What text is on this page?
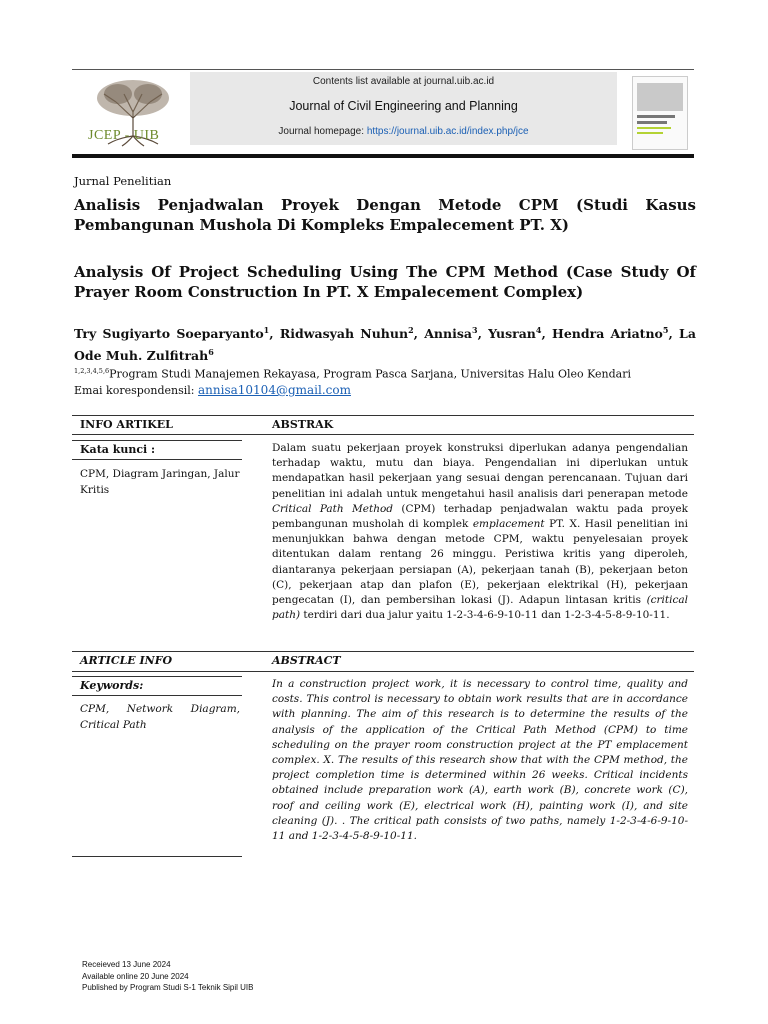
JCEP - UIB
Contents list available at journal.uib.ac.id
Journal of Civil Engineering and Planning
Journal homepage: https://journal.uib.ac.id/index.php/jce
Jurnal Penelitian
Analisis Penjadwalan Proyek Dengan Metode CPM (Studi Kasus Pembangunan Mushola Di Kompleks Empalecement PT. X)
Analysis Of Project Scheduling Using The CPM Method (Case Study Of Prayer Room Construction In PT. X Empalecement Complex)
Try Sugiyarto Soeparyanto$^1$, Ridwasyah Nuhun$^2$, Annisa$^3$, Yusran$^4$, Hendra Ariatno$^5$, La Ode Muh. Zulfitrah$^6$
$^{1,2,3,4,5,6}$Program Studi Manajemen Rekayasa, Program Pasca Sarjana, Universitas Halu Oleo Kendari
Emai korespondensil: annisa10104@gmail.com
INFO ARTIKEL	ABSTRAK
Kata kunci :
CPM, Diagram Jaringan, Jalur Kritis
Dalam suatu pekerjaan proyek konstruksi diperlukan adanya pengendalian terhadap waktu, mutu dan biaya. Pengendalian ini diperlukan untuk mendapatkan hasil pekerjaan yang sesuai dengan perencanaan. Tujuan dari penelitian ini adalah untuk mengetahui hasil analisis dari penerapan metode Critical Path Method (CPM) terhadap penjadwalan waktu pada proyek pembangunan musholah di komplek emplacement PT. X. Hasil penelitian ini menunjukkan bahwa dengan metode CPM, waktu penyelesaian proyek ditentukan dalam rentang 26 minggu. Peristiwa kritis yang diperoleh, diantaranya pekerjaan persiapan (A), pekerjaan tanah (B), pekerjaan beton (C), pekerjaan atap dan plafon (E), pekerjaan elektrikal (H), pekerjaan pengecatan (I), dan pembersihan lokasi (J). Adapun lintasan kritis (critical path) terdiri dari dua jalur yaitu 1-2-3-4-6-9-10-11 dan 1-2-3-4-5-8-9-10-11.
ARTICLE INFO	ABSTRACT
Keywords:
CPM, Network Diagram, Critical Path
In a construction project work, it is necessary to control time, quality and costs. This control is necessary to obtain work results that are in accordance with planning. The aim of this research is to determine the results of the analysis of the application of the Critical Path Method (CPM) to time scheduling on the prayer room construction project at the PT emplacement complex. X. The results of this research show that with the CPM method, the project completion time is determined within 26 weeks. Critical incidents obtained include preparation work (A), earth work (B), concrete work (C), roof and ceiling work (E), electrical work (H), painting work (I), and site cleaning (J). . The critical path consists of two paths, namely 1-2-3-4-6-9-10-11 and 1-2-3-4-5-8-9-10-11.
Receieved 13 June 2024
Available online 20 June 2024
Published by Program Studi S-1 Teknik Sipil UIB
